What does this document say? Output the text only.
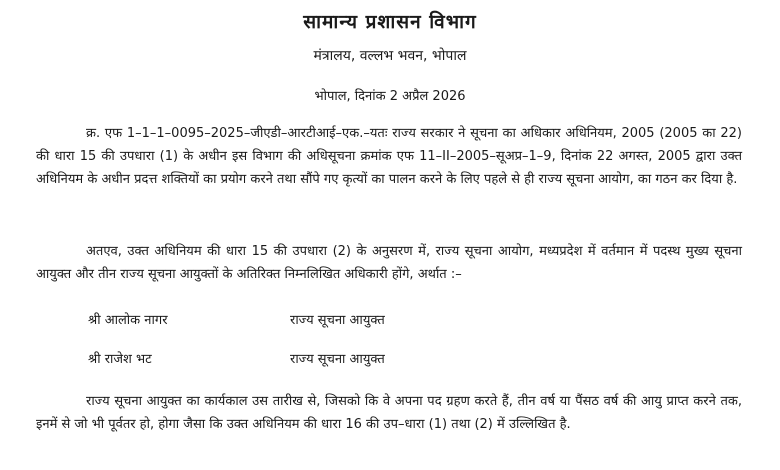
सामान्य प्रशासन विभाग
मंत्रालय, वल्लभ भवन, भोपाल
भोपाल, दिनांक 2 अप्रैल 2026

क्र. एफ 1–1–1–0095–2025–जीएडी–आरटीआई–एक.–यतः राज्य सरकार ने सूचना का अधिकार अधिनियम, 2005 (2005 का 22) की धारा 15 की उपधारा (1) के अधीन इस विभाग की अधिसूचना क्रमांक एफ 11–II–2005–सूअप्र–1–9, दिनांक 22 अगस्त, 2005 द्वारा उक्त अधिनियम के अधीन प्रदत्त शक्तियों का प्रयोग करने तथा सौंपे गए कृत्यों का पालन करने के लिए पहले से ही राज्य सूचना आयोग, का गठन कर दिया है.

अतएव, उक्त अधिनियम की धारा 15 की उपधारा (2) के अनुसरण में, राज्य सूचना आयोग, मध्यप्रदेश में वर्तमान में पदस्थ मुख्य सूचना आयुक्त और तीन राज्य सूचना आयुक्तों के अतिरिक्त निम्नलिखित अधिकारी होंगे, अर्थात :–

श्री आलोक नागर	राज्य सूचना आयुक्त
श्री राजेश भट	राज्य सूचना आयुक्त

राज्य सूचना आयुक्त का कार्यकाल उस तारीख से, जिसको कि वे अपना पद ग्रहण करते हैं, तीन वर्ष या पैंसठ वर्ष की आयु प्राप्त करने तक, इनमें से जो भी पूर्वतर हो, होगा जैसा कि उक्त अधिनियम की धारा 16 की उप–धारा (1) तथा (2) में उल्लिखित है.
